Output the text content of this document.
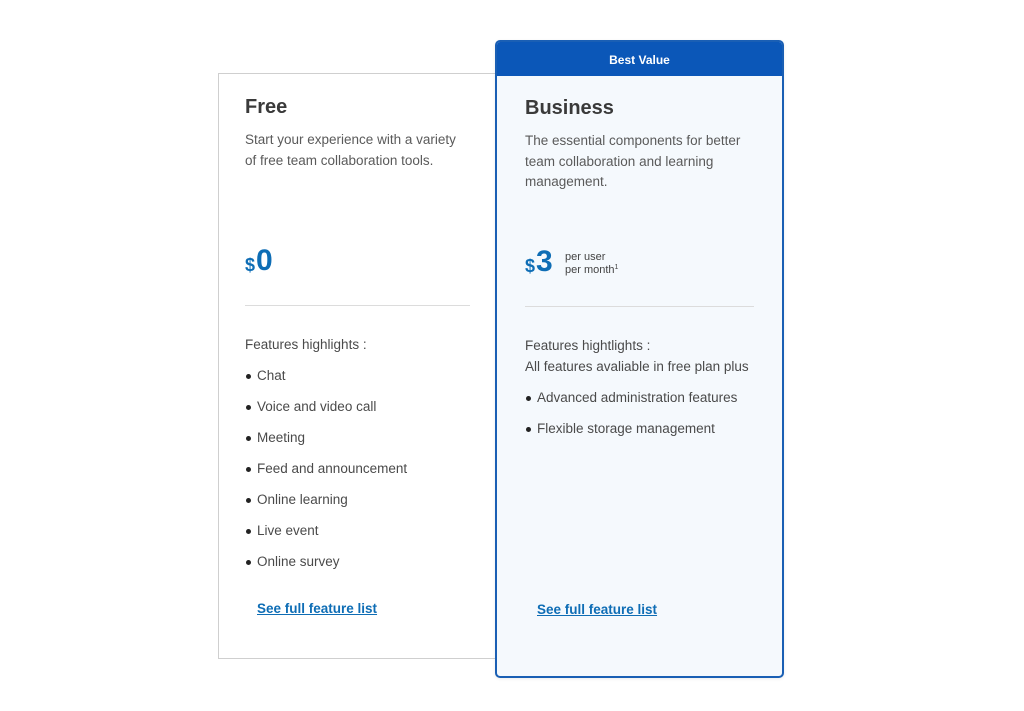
Free
Start your experience with a variety of free team collaboration tools.
$ 0
Features highlights :
Chat
Voice and video call
Meeting
Feed and announcement
Online learning
Live event
Online survey
See full feature list
Best Value
Business
The essential components for better team collaboration and learning management.
$ 3 per user
per month$^1$
Features hightlights :
All features avaliable in free plan plus
Advanced administration features
Flexible storage management
See full feature list
